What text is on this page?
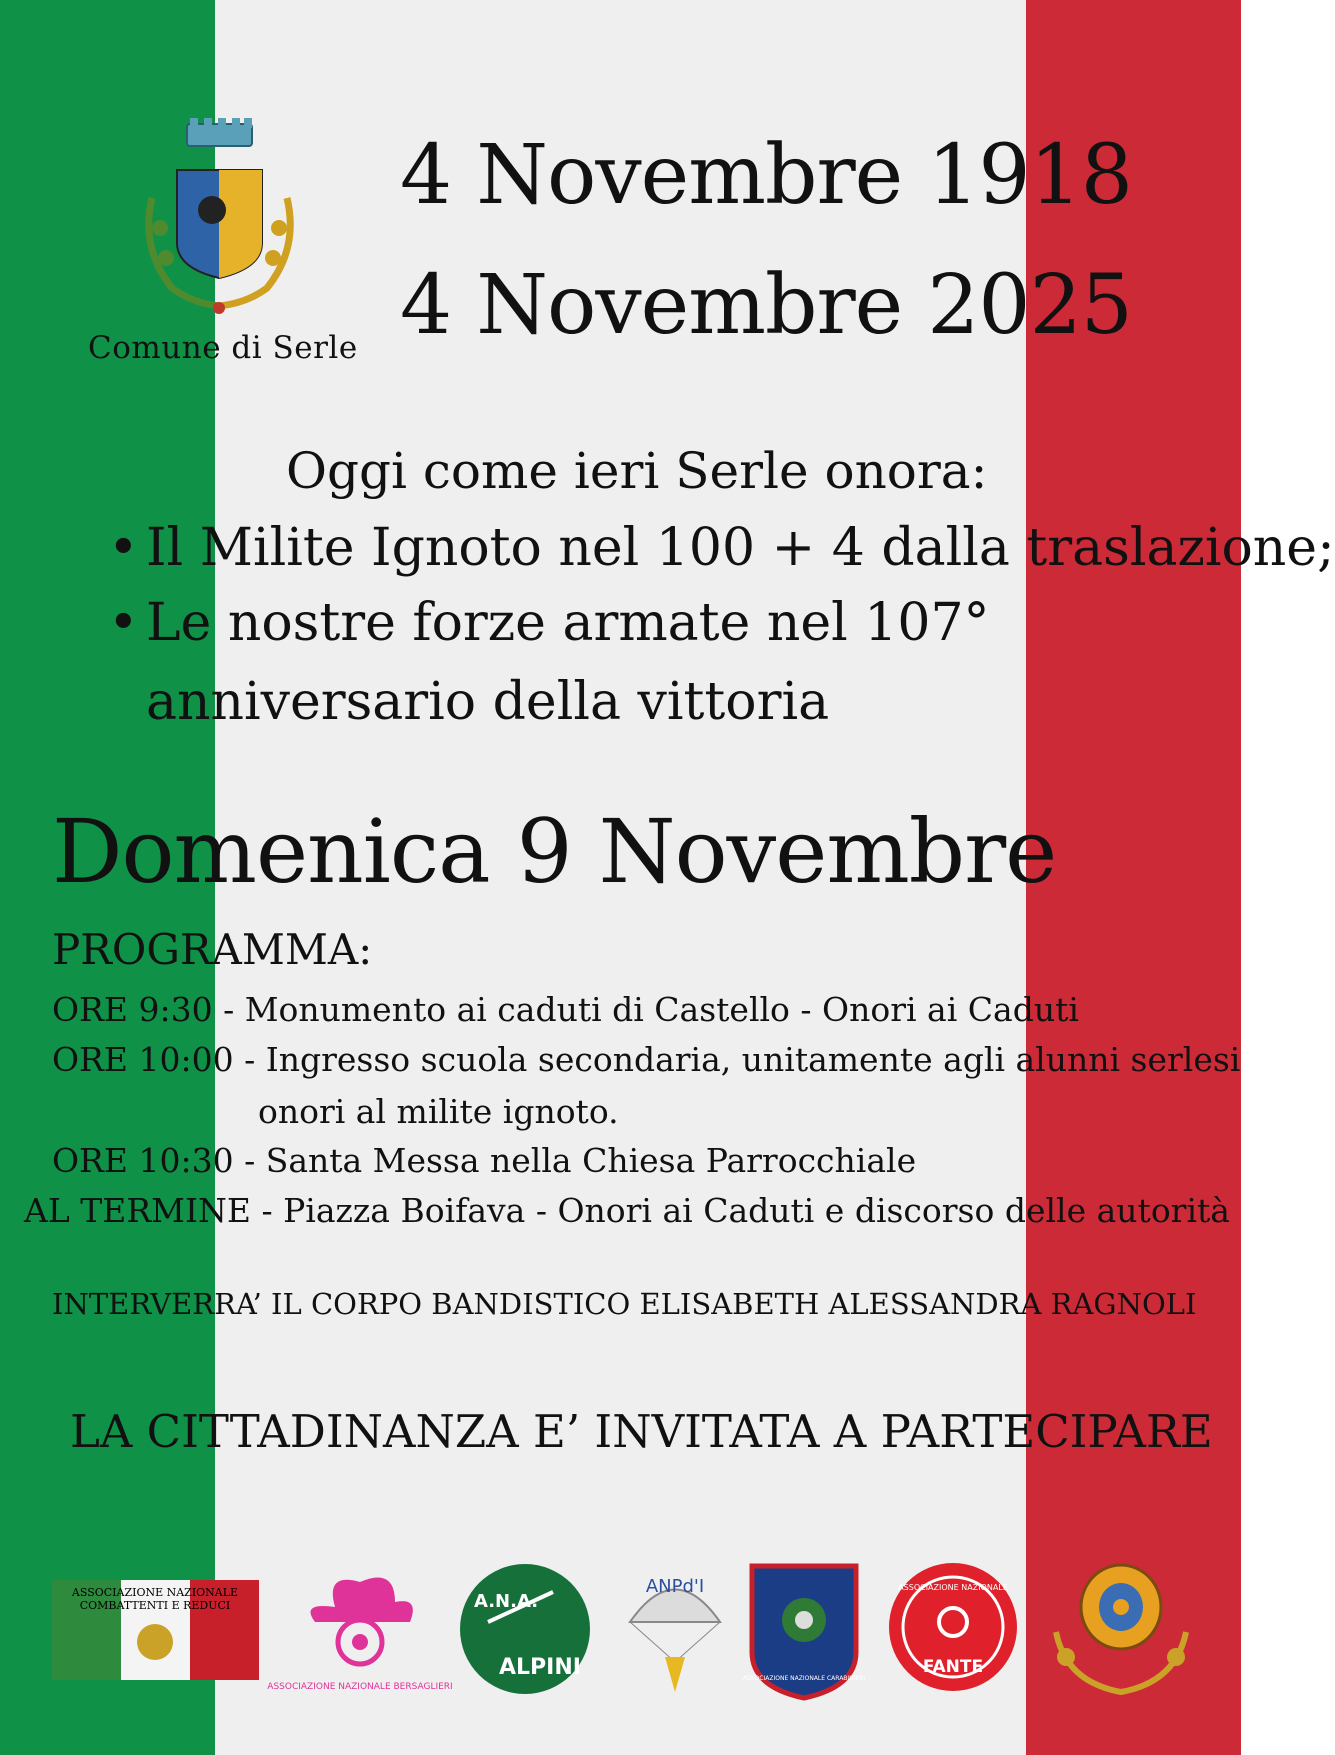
Comune di Serle
4 Novembre 1918
4 Novembre 2025
Oggi come ieri Serle onora:
• Il Milite Ignoto nel 100 + 4 dalla traslazione;
• Le nostre forze armate nel 107°
anniversario della vittoria
Domenica 9 Novembre
PROGRAMMA:
ORE 9:30 - Monumento ai caduti di Castello - Onori ai Caduti
ORE 10:00 - Ingresso scuola secondaria, unitamente agli alunni serlesi
onori al milite ignoto.
ORE 10:30 - Santa Messa nella Chiesa Parrocchiale
AL TERMINE - Piazza Boifava - Onori ai Caduti e discorso delle autorità
INTERVERRA’ IL CORPO BANDISTICO ELISABETH ALESSANDRA RAGNOLI
LA CITTADINANZA E’ INVITATA A PARTECIPARE
ASSOCIAZIONE NAZIONALE
COMBATTENTI E REDUCI
ASSOCIAZIONE NAZIONALE BERSAGLIERI
A.N.A.
ALPINI
ANPd'I
ASSOCIAZIONE NAZIONALE CARABINIERI
ASSOCIAZIONE NAZIONALE
FANTE
